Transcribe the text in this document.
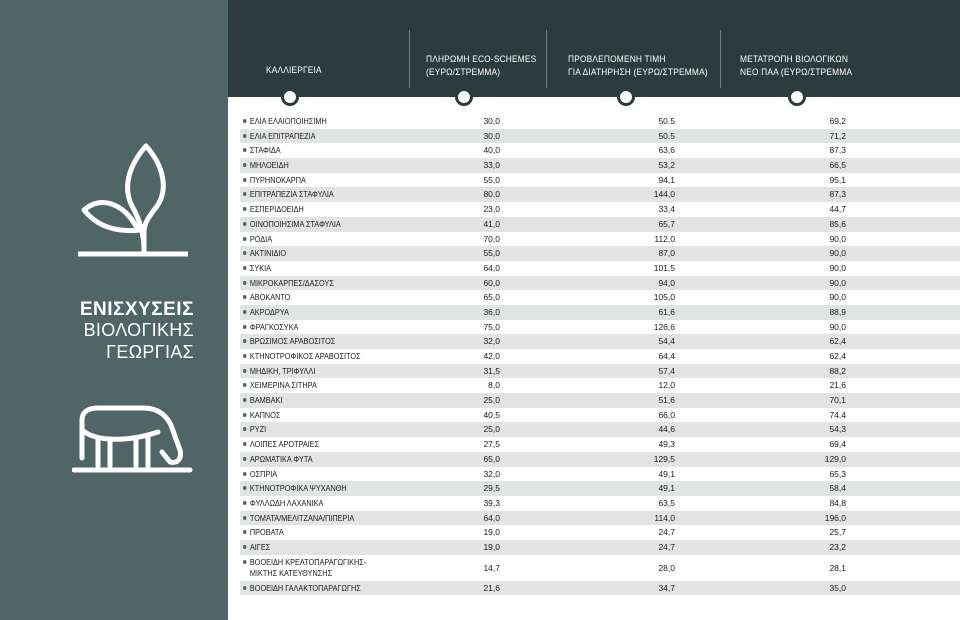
ΕΝΙΣΧΥΣΕΙΣ
ΒΙΟΛΟΓΙΚΗΣ
ΓΕΩΡΓΙΑΣ
ΚΑΛΛΙΕΡΓΕΙΑ
ΠΛΗΡΩΜΗ ECO-SCHEMES
(ΕΥΡΩ/ΣΤΡΕΜΜΑ)
ΠΡΟΒΛΕΠΟΜΕΝΗ ΤΙΜΗ
ΓΙΑ ΔΙΑΤΗΡΗΣΗ (ΕΥΡΩ/ΣΤΡΕΜΜΑ)
ΜΕΤΑΤΡΟΠΗ ΒΙΟΛΟΓΙΚΩΝ
ΝΕΟ ΠΑΑ (ΕΥΡΩ/ΣΤΡΕΜΜΑ
ΕΛΙΑ ΕΛΑΙΟΠΟΙΗΣΙΜΗ	30,0	50.5	69,2
ΕΛΙΑ ΕΠΙΤΡΑΠΕΖΙΑ	30,0	50.5	71,2
ΣΤΑΦΙΔΑ	40,0	63,6	87,3
ΜΗΛΟΕΙΔΗ	33,0	53,2	66,5
ΠΥΡΗΝΟΚΑΡΠΑ	55,0	94,1	95,1
ΕΠΙΤΡΑΠΕΖΙΑ ΣΤΑΦΥΛΙΑ	80,0	144,0	87,3
ΕΣΠΕΡΙΔΟΕΙΔΗ	23,0	33,4	44,7
ΟΙΝΟΠΟΙΗΣΙΜΑ ΣΤΑΦΥΛΙΑ	41,0	65,7	85,6
ΡΟΔΙΑ	70,0	112,0	90,0
ΑΚΤΙΝΙΔΙΟ	55,0	87,0	90,0
ΣΥΚΙΑ	64,0	101,5	90,0
ΜΙΚΡΟΚΑΡΠΕΣ/ΔΑΣΟΥΣ	60,0	94,0	90,0
ΑΒΟΚΑΝΤΟ	65,0	105,0	90,0
ΑΚΡΟΔΡΥΑ	36,0	61,6	88,9
ΦΡΑΓΚΟΣΥΚΑ	75,0	126,6	90,0
ΒΡΩΣΙΜΟΣ ΑΡΑΒΟΣΙΤΟΣ	32,0	54,4	62,4
ΚΤΗΝΟΤΡΟΦΙΚΟΣ ΑΡΑΒΟΣΙΤΟΣ	42,0	64,4	62,4
ΜΗΔΙΚΗ, ΤΡΙΦΥΛΛΙ	31,5	57,4	88,2
ΧΕΙΜΕΡΙΝΑ ΣΙΤΗΡΑ	8,0	12,0	21,6
ΒΑΜΒΑΚΙ	25,0	51,6	70,1
ΚΑΠΝΟΣ	40,5	66,0	74,4
ΡΥΖΙ	25,0	44,6	54,3
ΛΟΙΠΕΣ ΑΡΟΤΡΑΙΕΣ	27,5	49,3	69,4
ΑΡΩΜΑΤΙΚΑ ΦΥΤΑ	65,0	129,5	129,0
ΟΣΠΡΙΑ	32,0	49,1	65,3
ΚΤΗΝΟΤΡΟΦΙΚΑ ΨΥΧΑΝΘΗ	29,5	49,1	58,4
ΦΥΛΛΩΔΗ ΛΑΧΑΝΙΚΑ	39,3	63,5	84,8
ΤΟΜΑΤΑ/ΜΕΛΙΤΖΑΝΑ/ΠΙΠΕΡΙΑ	64,0	114,0	196,0
ΠΡΟΒΑΤΑ	19,0	24,7	25,7
ΑΙΓΕΣ	19,0	24,7	23,2
ΒΟΟΕΙΔΗ ΚΡΕΑΤΟΠΑΡΑΓΩΓΙΚΗΣ-
ΜΙΚΤΗΣ ΚΑΤΕΥΘΥΝΣΗΣ	14,7	28,0	28,1
ΒΟΟΕΙΔΗ ΓΑΛΑΚΤΟΠΑΡΑΓΩΓΗΣ	21,6	34,7	35,0
